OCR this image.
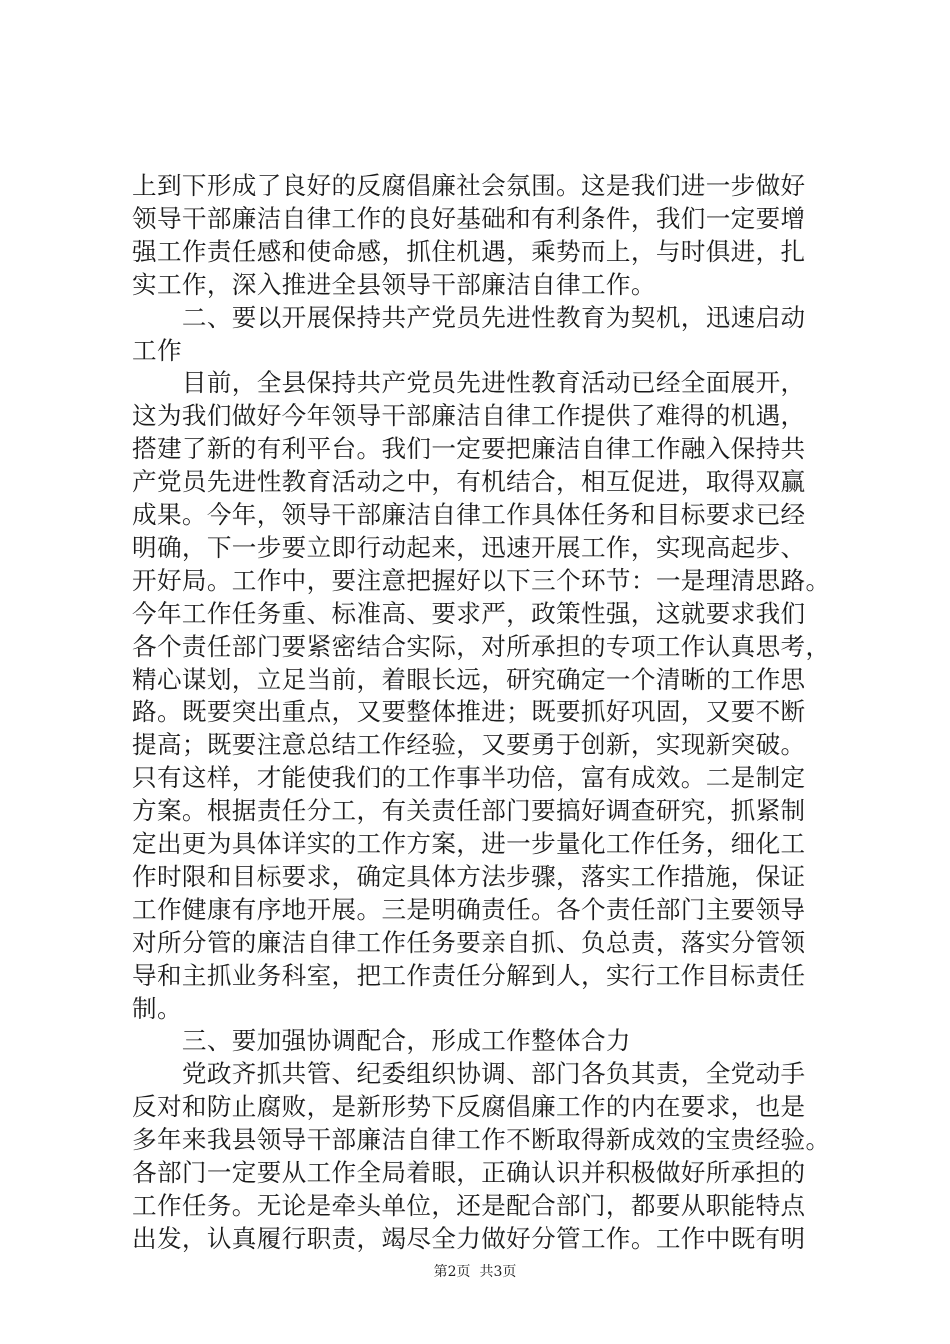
上到下形成了良好的反腐倡廉社会氛围。这是我们进一步做好
领导干部廉洁自律工作的良好基础和有利条件，我们一定要增
强工作责任感和使命感，抓住机遇，乘势而上，与时俱进，扎
实工作，深入推进全县领导干部廉洁自律工作。
　　二、要以开展保持共产党员先进性教育为契机，迅速启动
工作
　　目前，全县保持共产党员先进性教育活动已经全面展开，
这为我们做好今年领导干部廉洁自律工作提供了难得的机遇，
搭建了新的有利平台。我们一定要把廉洁自律工作融入保持共
产党员先进性教育活动之中，有机结合，相互促进，取得双赢
成果。今年，领导干部廉洁自律工作具体任务和目标要求已经
明确，下一步要立即行动起来，迅速开展工作，实现高起步、
开好局。工作中，要注意把握好以下三个环节：一是理清思路。
今年工作任务重、标准高、要求严，政策性强，这就要求我们
各个责任部门要紧密结合实际，对所承担的专项工作认真思考，
精心谋划，立足当前，着眼长远，研究确定一个清晰的工作思
路。既要突出重点，又要整体推进；既要抓好巩固，又要不断
提高；既要注意总结工作经验，又要勇于创新，实现新突破。
只有这样，才能使我们的工作事半功倍，富有成效。二是制定
方案。根据责任分工，有关责任部门要搞好调查研究，抓紧制
定出更为具体详实的工作方案，进一步量化工作任务，细化工
作时限和目标要求，确定具体方法步骤，落实工作措施，保证
工作健康有序地开展。三是明确责任。各个责任部门主要领导
对所分管的廉洁自律工作任务要亲自抓、负总责，落实分管领
导和主抓业务科室，把工作责任分解到人，实行工作目标责任
制。
　　三、要加强协调配合，形成工作整体合力
　　党政齐抓共管、纪委组织协调、部门各负其责，全党动手
反对和防止腐败，是新形势下反腐倡廉工作的内在要求，也是
多年来我县领导干部廉洁自律工作不断取得新成效的宝贵经验。
各部门一定要从工作全局着眼，正确认识并积极做好所承担的
工作任务。无论是牵头单位，还是配合部门，都要从职能特点
出发，认真履行职责，竭尽全力做好分管工作。工作中既有明
第2页  共3页
